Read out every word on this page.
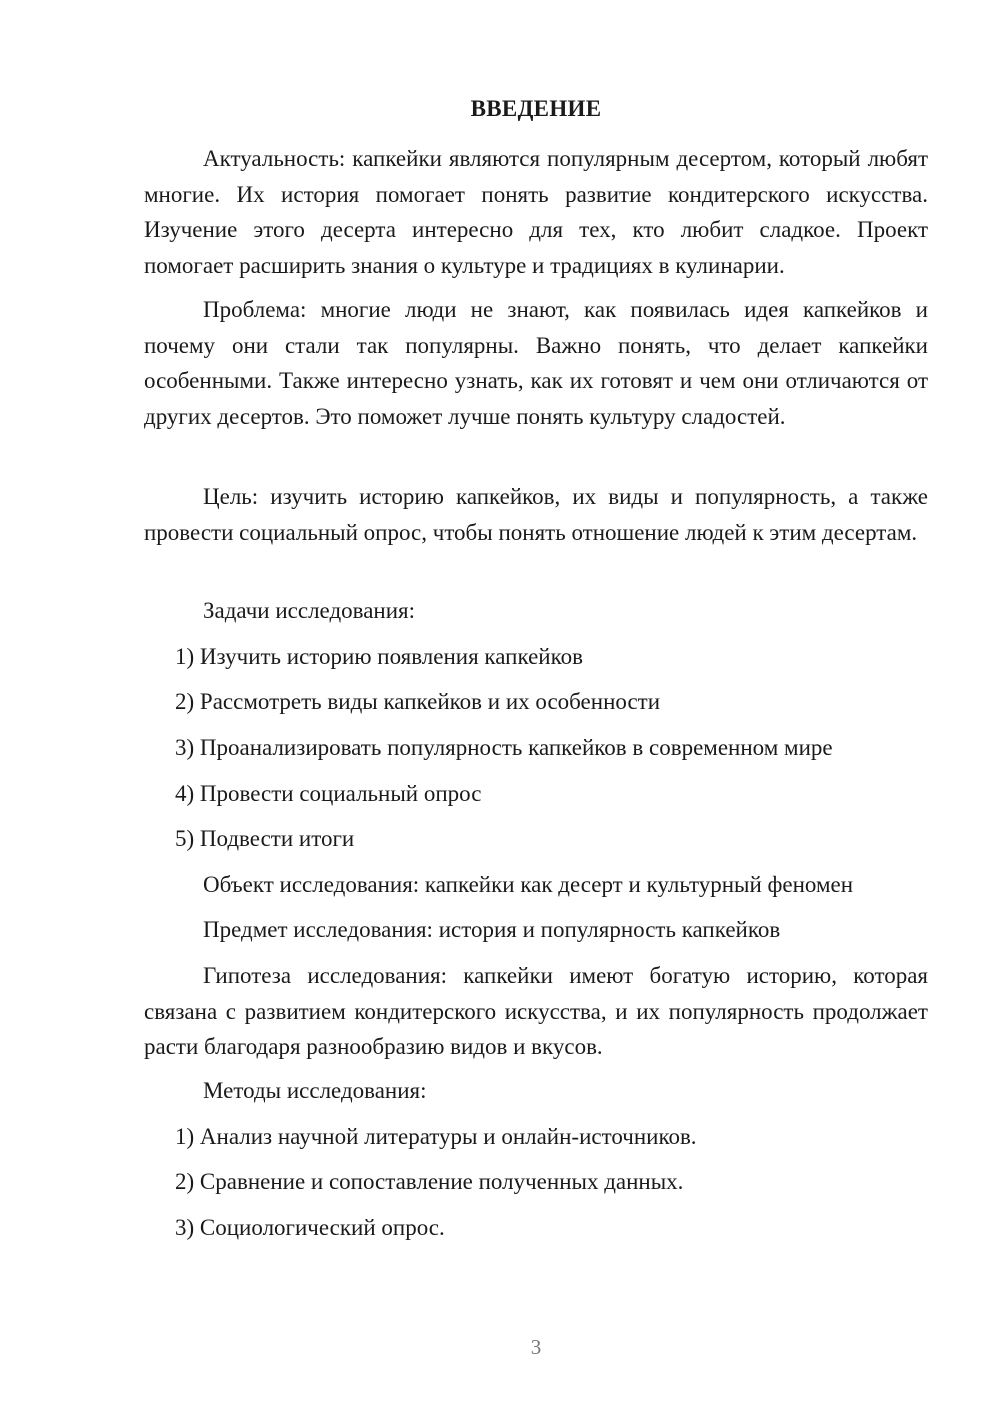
ВВЕДЕНИЕ

Актуальность: капкейки являются популярным десертом, который любят многие. Их история помогает понять развитие кондитерского искусства. Изучение этого десерта интересно для тех, кто любит сладкое. Проект помогает расширить знания о культуре и традициях в кулинарии.

Проблема: многие люди не знают, как появилась идея капкейков и почему они стали так популярны. Важно понять, что делает капкейки особенными. Также интересно узнать, как их готовят и чем они отличаются от других десертов. Это поможет лучше понять культуру сладостей.

Цель: изучить историю капкейков, их виды и популярность, а также провести социальный опрос, чтобы понять отношение людей к этим десертам.

Задачи исследования:

1) Изучить историю появления капкейков

2) Рассмотреть виды капкейков и их особенности

3) Проанализировать популярность капкейков в современном мире

4) Провести социальный опрос

5) Подвести итоги

Объект исследования: капкейки как десерт и культурный феномен

Предмет исследования: история и популярность капкейков

Гипотеза исследования: капкейки имеют богатую историю, которая связана с развитием кондитерского искусства, и их популярность продолжает расти благодаря разнообразию видов и вкусов.

Методы исследования:

1) Анализ научной литературы и онлайн-источников.

2) Сравнение и сопоставление полученных данных.

3) Социологический опрос.

3
